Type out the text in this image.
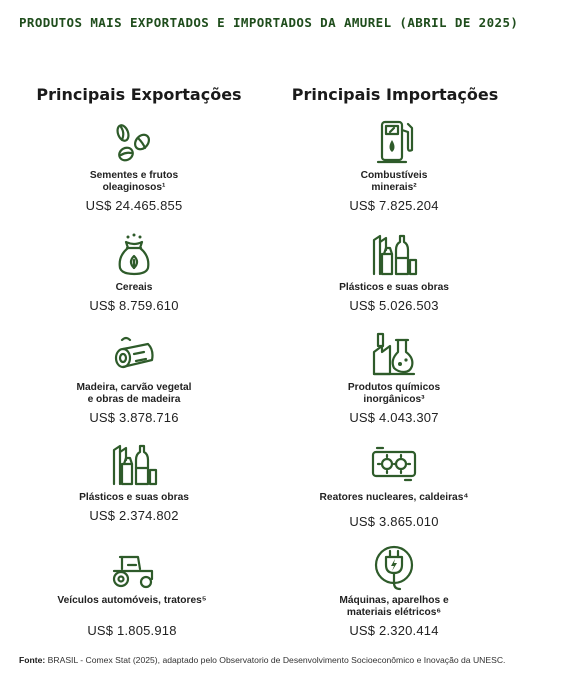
PRODUTOS MAIS EXPORTADOS E IMPORTADOS DA AMUREL (ABRIL DE 2025)
Principais Exportações	Principais Importações
Sementes e frutos
oleaginosos¹
US$ 24.465.855
Cereais
US$ 8.759.610
Madeira, carvão vegetal
e obras de madeira
US$ 3.878.716
Plásticos e suas obras
US$ 2.374.802
Veículos automóveis, tratores⁵
US$ 1.805.918
Combustíveis
minerais²
US$ 7.825.204
Plásticos e suas obras
US$ 5.026.503
Produtos químicos
inorgânicos³
US$ 4.043.307
Reatores nucleares, caldeiras⁴
US$ 3.865.010
Máquinas, aparelhos e
materiais elétricos⁶
US$ 2.320.414
Fonte: BRASIL - Comex Stat (2025), adaptado pelo Observatorio de Desenvolvimento Socioeconômico e Inovação da UNESC.
